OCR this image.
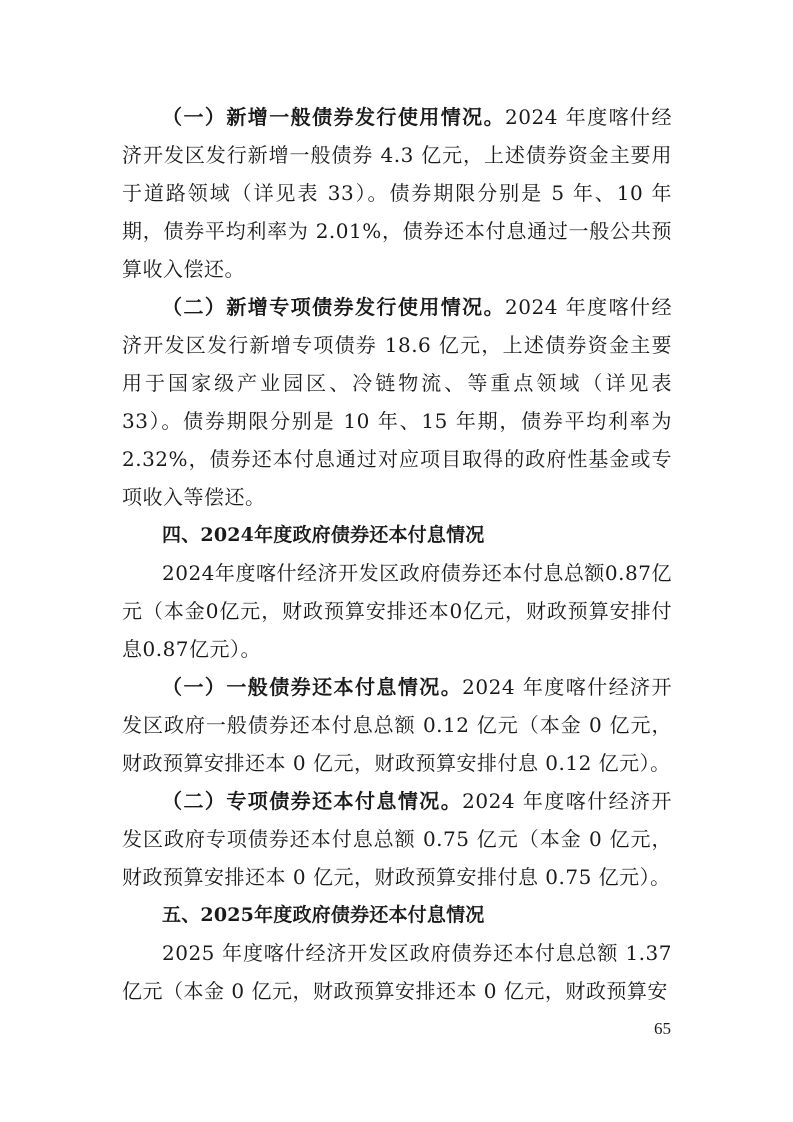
（一）新增一般债券发行使用情况。2024 年度喀什经济开发区发行新增一般债券 4.3 亿元，上述债券资金主要用于道路领域（详见表 33）。债券期限分别是 5 年、10 年期，债券平均利率为 2.01%，债券还本付息通过一般公共预算收入偿还。

（二）新增专项债券发行使用情况。2024 年度喀什经济开发区发行新增专项债券 18.6 亿元，上述债券资金主要用于国家级产业园区、冷链物流、等重点领域（详见表 33）。债券期限分别是 10 年、15 年期，债券平均利率为 2.32%，债券还本付息通过对应项目取得的政府性基金或专项收入等偿还。

四、2024年度政府债券还本付息情况

2024年度喀什经济开发区政府债券还本付息总额0.87亿元（本金0亿元，财政预算安排还本0亿元，财政预算安排付息0.87亿元）。

（一）一般债券还本付息情况。2024 年度喀什经济开发区政府一般债券还本付息总额 0.12 亿元（本金 0 亿元，财政预算安排还本 0 亿元，财政预算安排付息 0.12 亿元）。

（二）专项债券还本付息情况。2024 年度喀什经济开发区政府专项债券还本付息总额 0.75 亿元（本金 0 亿元，财政预算安排还本 0 亿元，财政预算安排付息 0.75 亿元）。

五、2025年度政府债券还本付息情况

2025 年度喀什经济开发区政府债券还本付息总额 1.37 亿元（本金 0 亿元，财政预算安排还本 0 亿元，财政预算安

65
